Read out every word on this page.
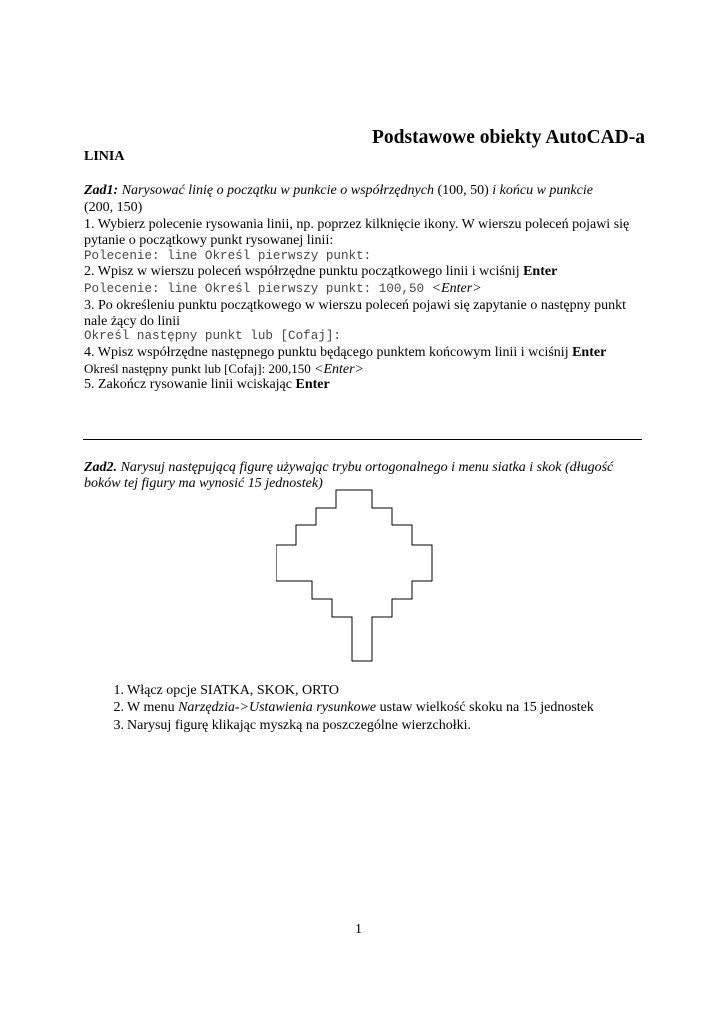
Podstawowe obiekty AutoCAD-a
LINIA
Zad1: Narysować linię o początku w punkcie o współrzędnych (100, 50) i końcu w punkcie
(200, 150)
1. Wybierz polecenie rysowania linii, np. poprzez kilknięcie ikony. W wierszu poleceń pojawi się
pytanie o początkowy punkt rysowanej linii:
Polecenie: line Określ pierwszy punkt:
2. Wpisz w wierszu poleceń współrzędne punktu początkowego linii i wciśnij Enter
Polecenie: line Określ pierwszy punkt: 100,50 <Enter>
3. Po określeniu punktu początkowego w wierszu poleceń pojawi się zapytanie o następny punkt
nale żący do linii
Określ następny punkt lub [Cofaj]:
4. Wpisz współrzędne następnego punktu będącego punktem końcowym linii i wciśnij Enter
Określ następny punkt lub [Cofaj]: 200,150 <Enter>
5. Zakończ rysowanie linii wciskając Enter
Zad2. Narysuj następującą figurę używając trybu ortogonalnego i menu siatka i skok (długość
boków tej figury ma wynosić 15 jednostek)
1. Włącz opcje SIATKA, SKOK, ORTO
2. W menu Narzędzia->Ustawienia rysunkowe ustaw wielkość skoku na 15 jednostek
3. Narysuj figurę klikając myszką na poszczególne wierzchołki.
1
